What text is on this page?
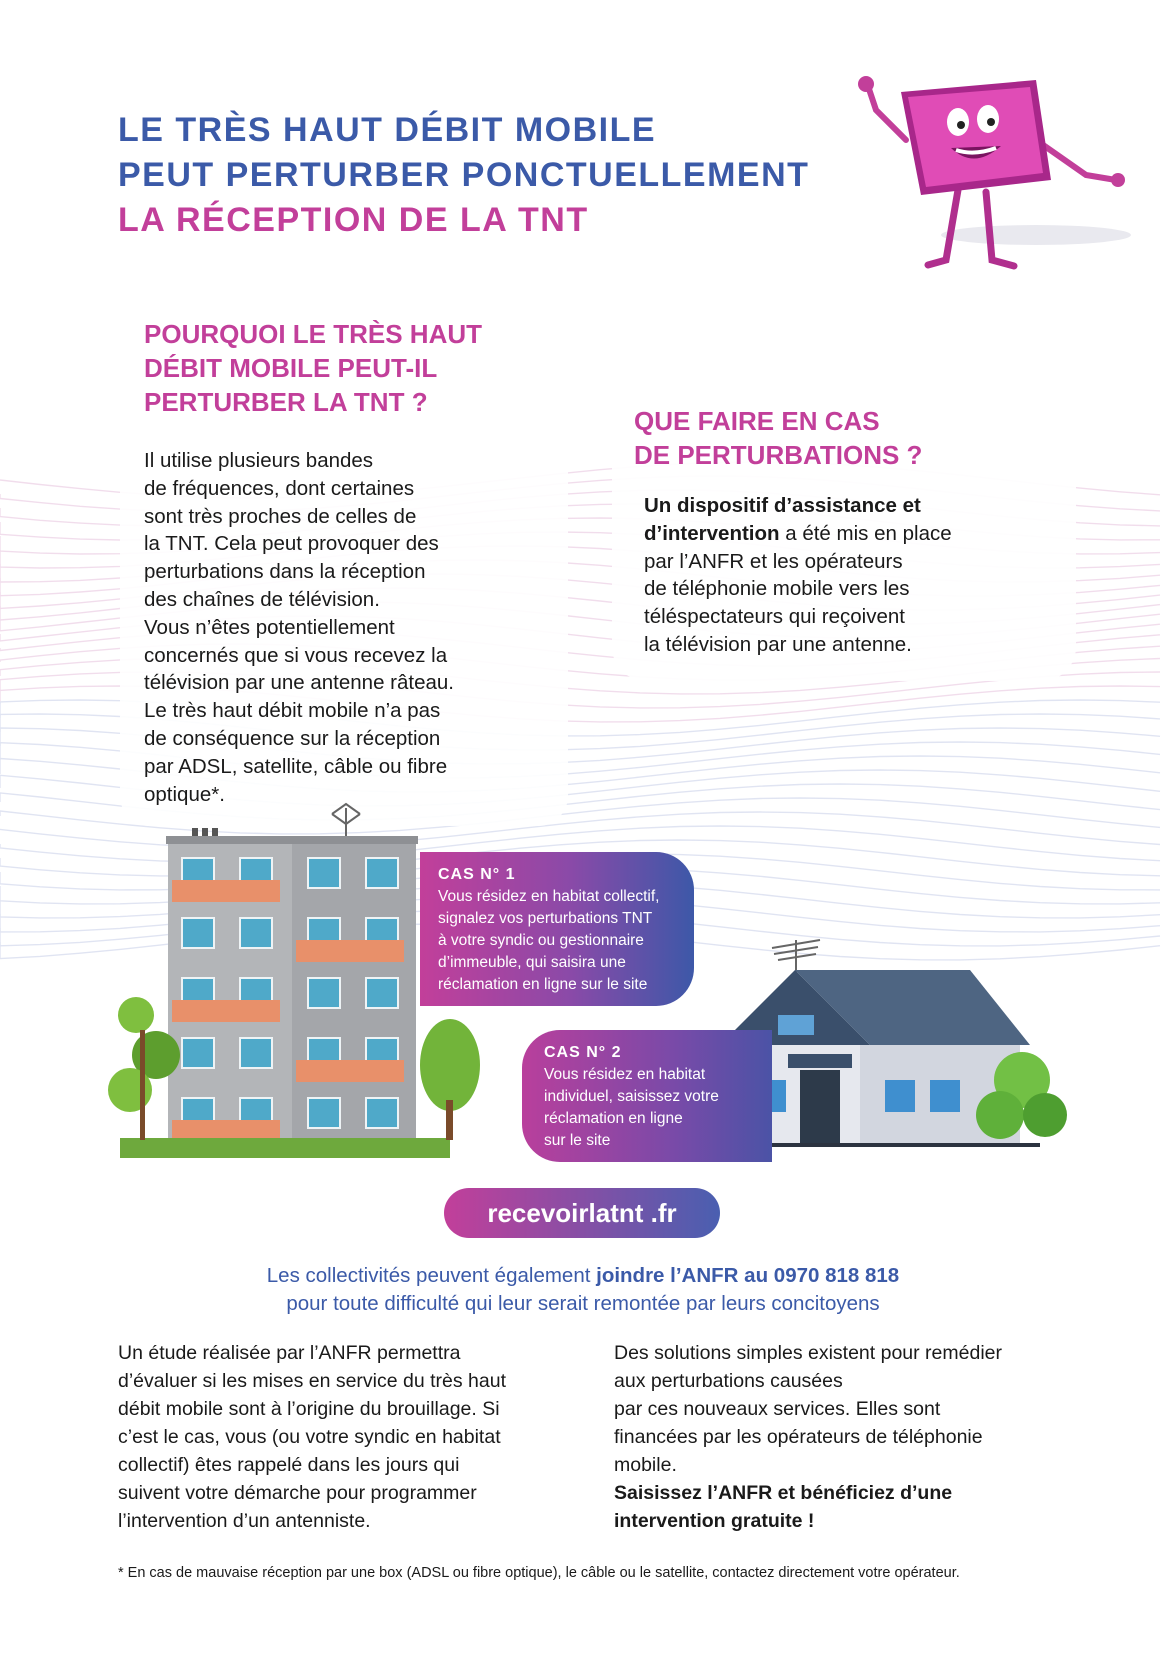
LE TRÈS HAUT DÉBIT MOBILE
PEUT PERTURBER PONCTUELLEMENT
LA RÉCEPTION DE LA TNT
POURQUOI LE TRÈS HAUT
DÉBIT MOBILE PEUT-IL
PERTURBER LA TNT ?
Il utilise plusieurs bandes
de fréquences, dont certaines
sont très proches de celles de
la TNT. Cela peut provoquer des
perturbations dans la réception
des chaînes de télévision.
Vous n’êtes potentiellement
concernés que si vous recevez la
télévision par une antenne râteau.
Le très haut débit mobile n’a pas
de conséquence sur la réception
par ADSL, satellite, câble ou fibre
optique*.
QUE FAIRE EN CAS
DE PERTURBATIONS ?
Un dispositif d’assistance et
d’intervention a été mis en place
par l’ANFR et les opérateurs
de téléphonie mobile vers les
téléspectateurs qui reçoivent
la télévision par une antenne.
CAS N° 1
Vous résidez en habitat collectif,
signalez vos perturbations TNT
à votre syndic ou gestionnaire
d’immeuble, qui saisira une
réclamation en ligne sur le site
CAS N° 2
Vous résidez en habitat
individuel, saisissez votre
réclamation en ligne
sur le site
recevoirlatnt .fr
Les collectivités peuvent également joindre l’ANFR au 0970 818 818
pour toute difficulté qui leur serait remontée par leurs concitoyens
Un étude réalisée par l’ANFR permettra
d’évaluer si les mises en service du très haut
débit mobile sont à l’origine du brouillage. Si
c’est le cas, vous (ou votre syndic en habitat
collectif) êtes rappelé dans les jours qui
suivent votre démarche pour programmer
l’intervention d’un antenniste.
Des solutions simples existent pour remédier
aux perturbations causées
par ces nouveaux services. Elles sont
financées par les opérateurs de téléphonie
mobile.
Saisissez l’ANFR et bénéficiez d’une
intervention gratuite !
* En cas de mauvaise réception par une box (ADSL ou fibre optique), le câble ou le satellite, contactez directement votre opérateur.
